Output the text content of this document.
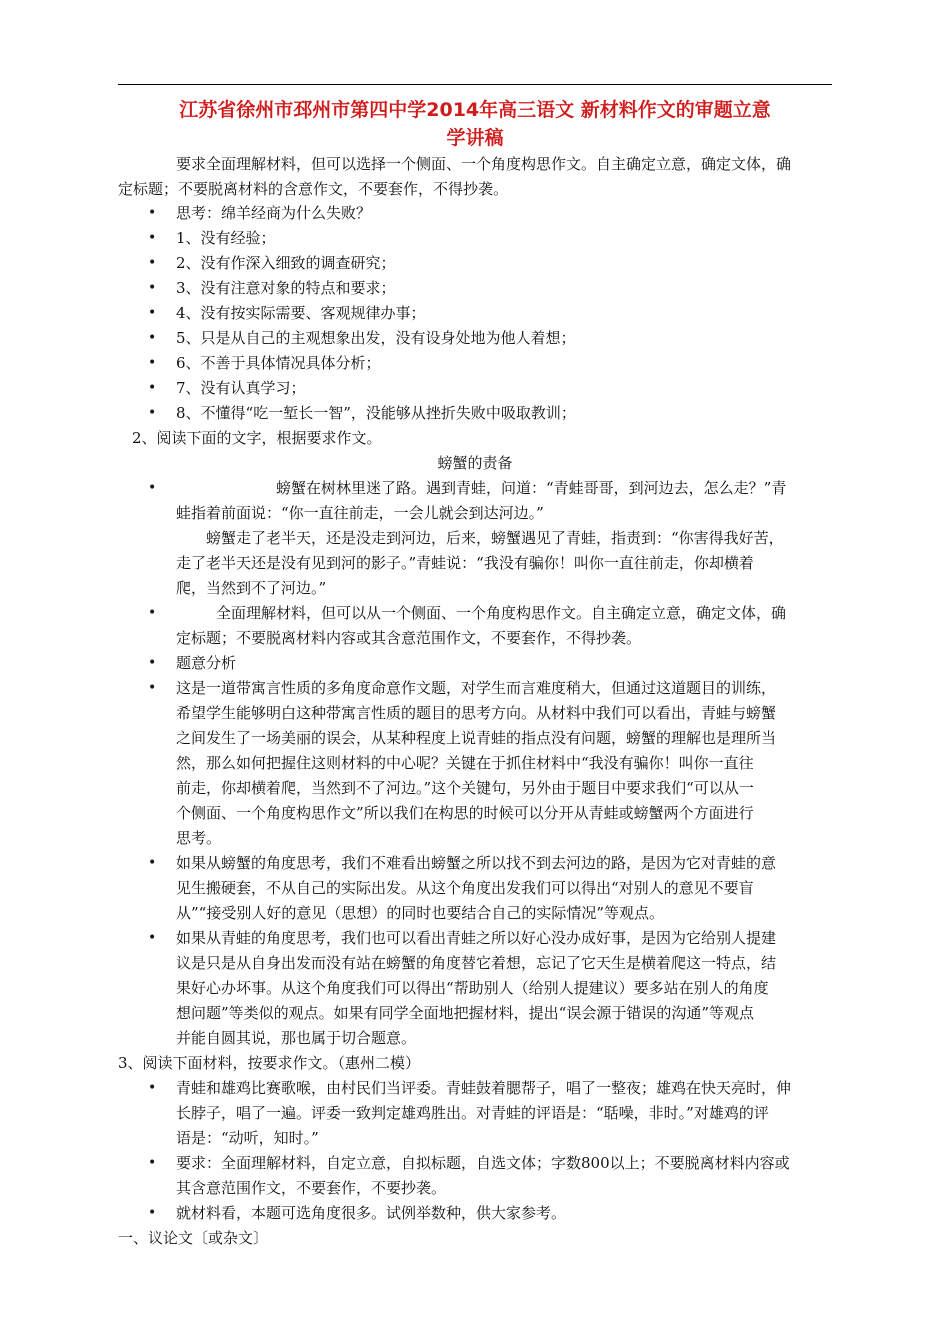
江苏省徐州市邳州市第四中学2014年高三语文 新材料作文的审题立意
学讲稿
要求全面理解材料，但可以选择一个侧面、一个角度构思作文。自主确定立意，确定文体，确
定标题；不要脱离材料的含意作文，不要套作，不得抄袭。
• 思考：绵羊经商为什么失败？
• 1、没有经验；
• 2、没有作深入细致的调查研究；
• 3、没有注意对象的特点和要求；
• 4、没有按实际需要、客观规律办事；
• 5、只是从自己的主观想象出发，没有设身处地为他人着想；
• 6、不善于具体情况具体分析；
• 7、没有认真学习；
• 8、不懂得“吃一堑长一智”，没能够从挫折失败中吸取教训；
2、阅读下面的文字，根据要求作文。
螃蟹的责备
•	螃蟹在树林里迷了路。遇到青蛙，问道：“青蛙哥哥，到河边去，怎么走？”青
蛙指着前面说：“你一直往前走，一会儿就会到达河边。”
螃蟹走了老半天，还是没走到河边，后来，螃蟹遇见了青蛙，指责到：“你害得我好苦，
走了老半天还是没有见到河的影子。”青蛙说：“我没有骗你！叫你一直往前走，你却横着
爬，当然到不了河边。”
•	全面理解材料，但可以从一个侧面、一个角度构思作文。自主确定立意，确定文体，确
定标题；不要脱离材料内容或其含意范围作文，不要套作，不得抄袭。
• 题意分析
• 这是一道带寓言性质的多角度命意作文题，对学生而言难度稍大，但通过这道题目的训练，
希望学生能够明白这种带寓言性质的题目的思考方向。从材料中我们可以看出，青蛙与螃蟹
之间发生了一场美丽的误会，从某种程度上说青蛙的指点没有问题，螃蟹的理解也是理所当
然，那么如何把握住这则材料的中心呢？关键在于抓住材料中“我没有骗你！叫你一直往
前走，你却横着爬，当然到不了河边。”这个关键句，另外由于题目中要求我们“可以从一
个侧面、一个角度构思作文”所以我们在构思的时候可以分开从青蛙或螃蟹两个方面进行
思考。
• 如果从螃蟹的角度思考，我们不难看出螃蟹之所以找不到去河边的路，是因为它对青蛙的意
见生搬硬套，不从自己的实际出发。从这个角度出发我们可以得出“对别人的意见不要盲
从”“接受别人好的意见（思想）的同时也要结合自己的实际情况”等观点。
• 如果从青蛙的角度思考，我们也可以看出青蛙之所以好心没办成好事，是因为它给别人提建
议是只是从自身出发而没有站在螃蟹的角度替它着想，忘记了它天生是横着爬这一特点，结
果好心办坏事。从这个角度我们可以得出“帮助别人（给别人提建议）要多站在别人的角度
想问题”等类似的观点。如果有同学全面地把握材料，提出“误会源于错误的沟通”等观点
并能自圆其说，那也属于切合题意。
3、阅读下面材料，按要求作文。（惠州二模）
• 青蛙和雄鸡比赛歌喉，由村民们当评委。青蛙鼓着腮帮子，唱了一整夜；雄鸡在快天亮时，伸
长脖子，唱了一遍。评委一致判定雄鸡胜出。对青蛙的评语是：“聒噪，非时。”对雄鸡的评
语是：“动听，知时。”
• 要求：全面理解材料，自定立意，自拟标题，自选文体；字数800以上；不要脱离材料内容或
其含意范围作文，不要套作，不要抄袭。
• 就材料看，本题可选角度很多。试例举数种，供大家参考。
一、议论文〔或杂文〕
